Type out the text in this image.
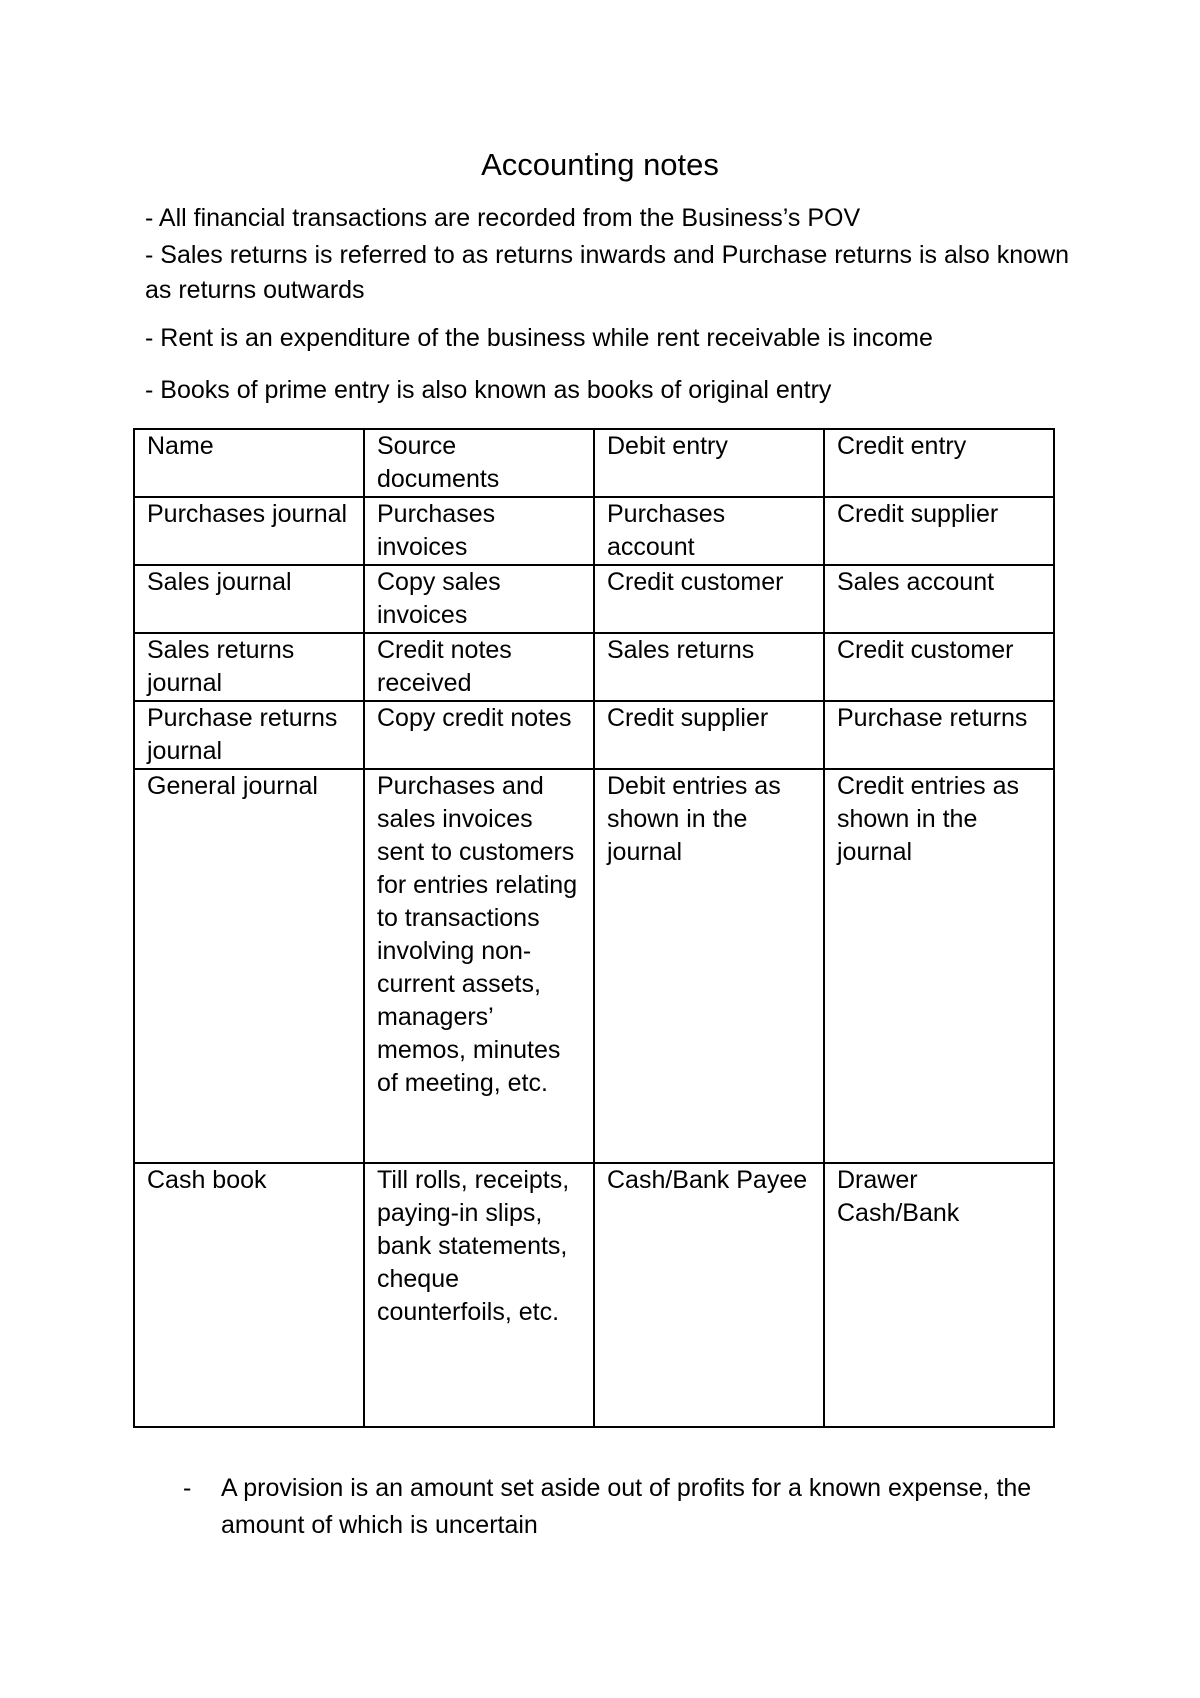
Accounting notes

- All financial transactions are recorded from the Business’s POV

- Sales returns is referred to as returns inwards and Purchase returns is also known as returns outwards

- Rent is an expenditure of the business while rent receivable is income

- Books of prime entry is also known as books of original entry

Name	Source documents	Debit entry	Credit entry
Purchases journal	Purchases invoices	Purchases account	Credit supplier
Sales journal	Copy sales invoices	Credit customer	Sales account
Sales returns journal	Credit notes received	Sales returns	Credit customer
Purchase returns journal	Copy credit notes	Credit supplier	Purchase returns
General journal	Purchases and sales invoices sent to customers for entries relating to transactions involving non-current assets, managers’ memos, minutes of meeting, etc.	Debit entries as shown in the journal	Credit entries as shown in the journal
Cash book	Till rolls, receipts, paying-in slips, bank statements, cheque counterfoils, etc.	Cash/Bank Payee	Drawer Cash/Bank
- A provision is an amount set aside out of profits for a known expense, the amount of which is uncertain
